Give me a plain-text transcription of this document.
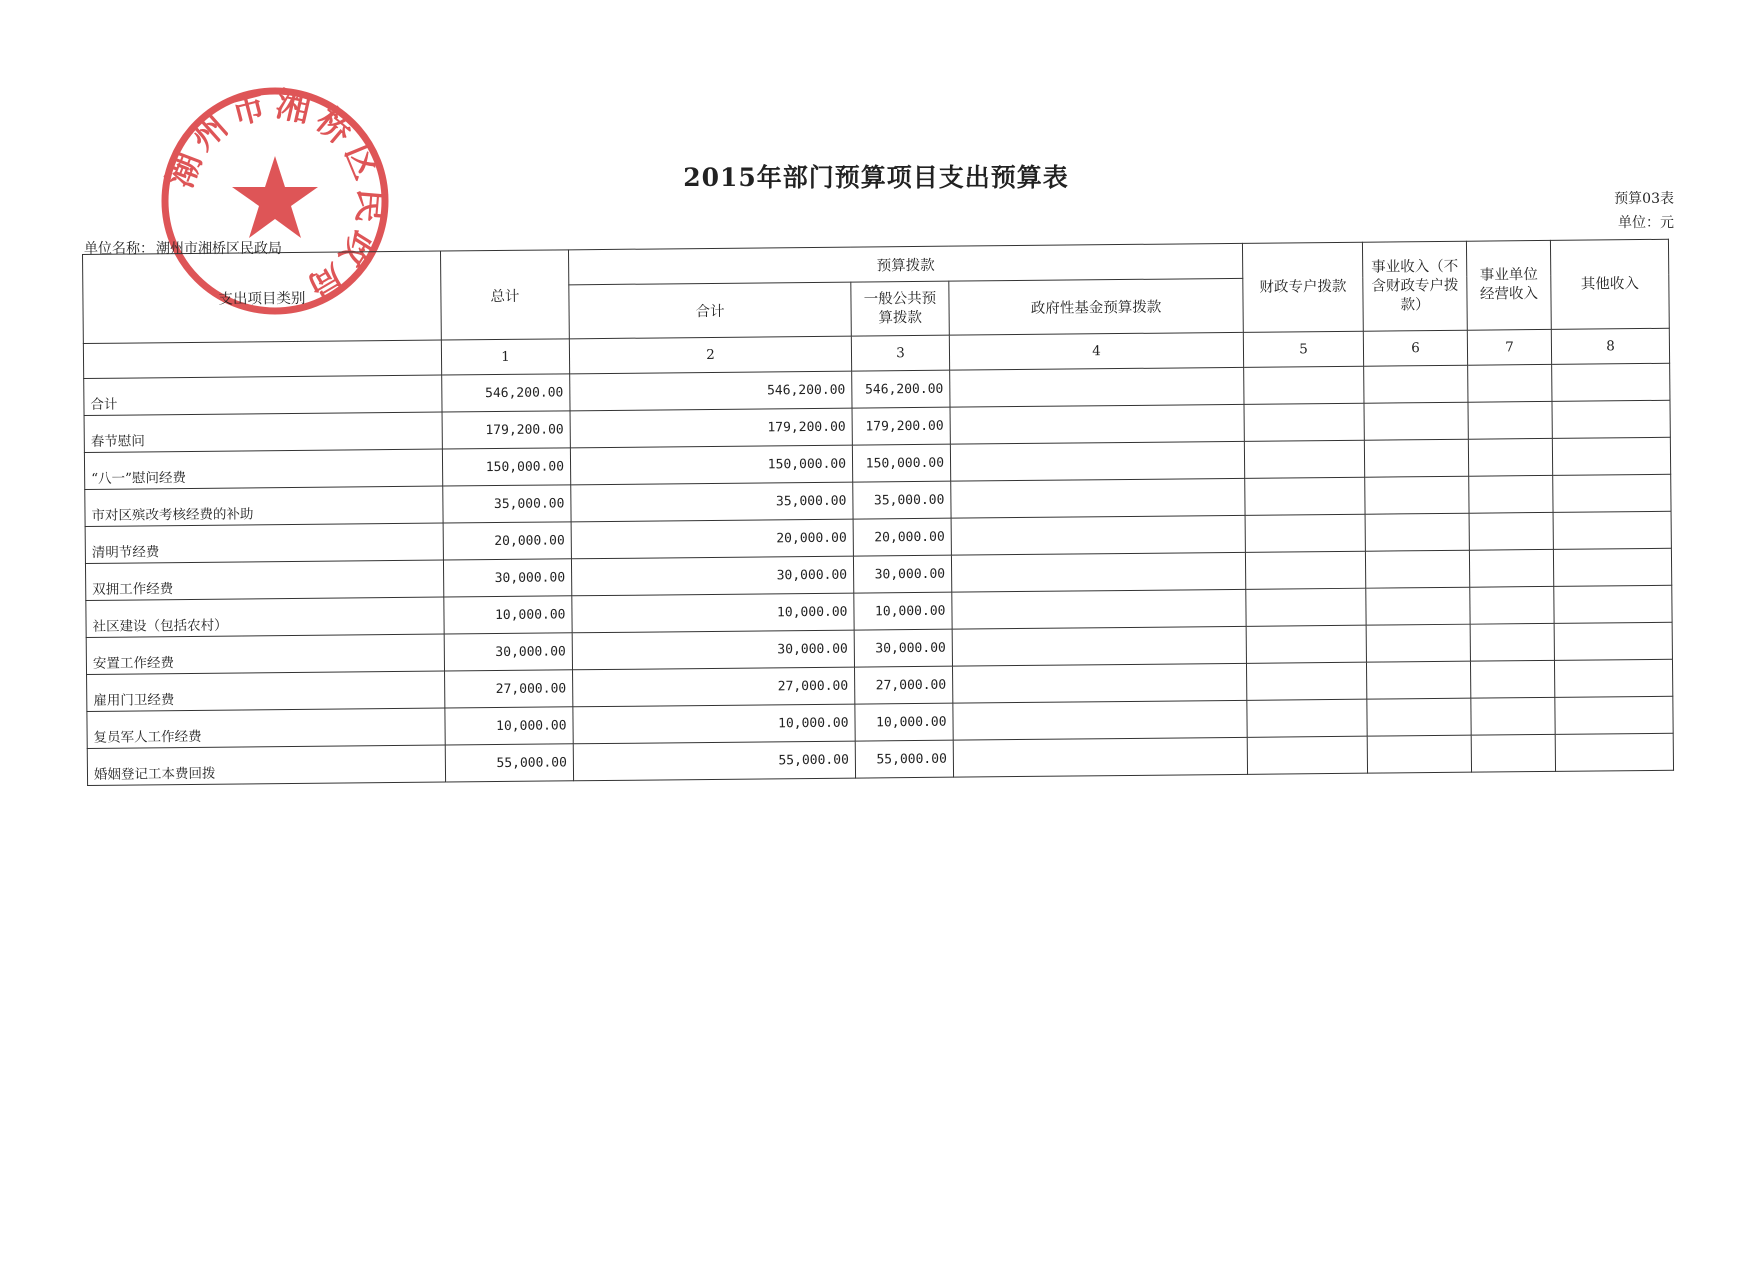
潮州市湘桥区民政局
2015年部门预算项目支出预算表
预算03表
单位：元
单位名称： 潮州市湘桥区民政局
支出项目类别	总计	预算拨款			财政专户拨款	事业收入（不含财政专户拨款）	事业单位经营收入	其他收入
		合计	一般公共预算拨款	政府性基金预算拨款				
	1	2	3	4	5	6	7	8
合计	546,200.00	546,200.00	546,200.00					
春节慰问	179,200.00	179,200.00	179,200.00					
“八一”慰问经费	150,000.00	150,000.00	150,000.00					
市对区殡改考核经费的补助	35,000.00	35,000.00	35,000.00					
清明节经费	20,000.00	20,000.00	20,000.00					
双拥工作经费	30,000.00	30,000.00	30,000.00					
社区建设（包括农村）	10,000.00	10,000.00	10,000.00					
安置工作经费	30,000.00	30,000.00	30,000.00					
雇用门卫经费	27,000.00	27,000.00	27,000.00					
复员军人工作经费	10,000.00	10,000.00	10,000.00					
婚姻登记工本费回拨	55,000.00	55,000.00	55,000.00					
